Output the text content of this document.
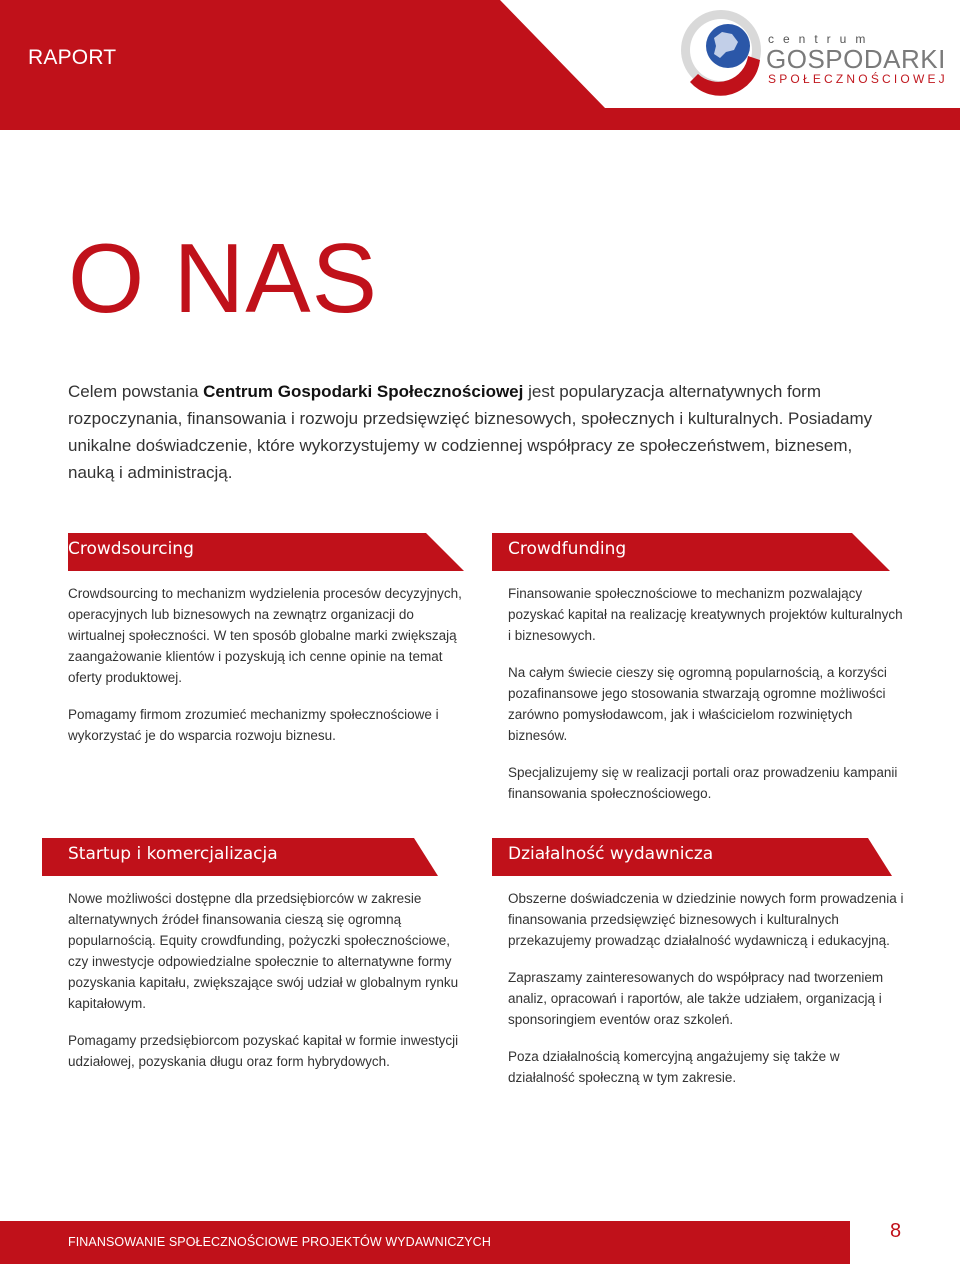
RAPORT
centrum
GOSPODARKI
SPOŁECZNOŚCIOWEJ
O NAS
Celem powstania Centrum Gospodarki Społecznościowej jest popularyzacja alternatywnych form rozpoczynania, finansowania i rozwoju przedsięwzięć biznesowych, społecznych i kulturalnych. Posiadamy unikalne doświadczenie, które wykorzystujemy w codziennej współpracy ze społeczeństwem, biznesem, nauką i administracją.
Crowdsourcing

Crowdsourcing to mechanizm wydzielenia procesów decyzyjnych, operacyjnych lub biznesowych na zewnątrz organizacji do wirtualnej społeczności. W ten sposób globalne marki zwiększają zaangażowanie klientów i pozyskują ich cenne opinie na temat oferty produktowej.

Pomagamy firmom zrozumieć mechanizmy społecznościowe i wykorzystać je do wsparcia rozwoju biznesu.

Crowdfunding

Finansowanie społecznościowe to mechanizm pozwalający pozyskać kapitał na realizację kreatywnych projektów kulturalnych i biznesowych.

Na całym świecie cieszy się ogromną popularnością, a korzyści pozafinansowe jego stosowania stwarzają ogromne możliwości zarówno pomysłodawcom, jak i właścicielom rozwiniętych biznesów.

Specjalizujemy się w realizacji portali oraz prowadzeniu kampanii finansowania społecznościowego.

Startup i komercjalizacja

Nowe możliwości dostępne dla przedsiębiorców w zakresie alternatywnych źródeł finansowania cieszą się ogromną popularnością. Equity crowdfunding, pożyczki społecznościowe, czy inwestycje odpowiedzialne społecznie to alternatywne formy pozyskania kapitału, zwiększające swój udział w globalnym rynku kapitałowym.

Pomagamy przedsiębiorcom pozyskać kapitał w formie inwestycji udziałowej, pozyskania długu oraz form hybrydowych.

Działalność wydawnicza

Obszerne doświadczenia w dziedzinie nowych form prowadzenia i finansowania przedsięwzięć biznesowych i kulturalnych przekazujemy prowadząc działalność wydawniczą i edukacyjną.

Zapraszamy zainteresowanych do współpracy nad tworzeniem analiz, opracowań i raportów, ale także udziałem, organizacją i sponsoringiem eventów oraz szkoleń.

Poza działalnością komercyjną angażujemy się także w działalność społeczną w tym zakresie.

FINANSOWANIE SPOŁECZNOŚCIOWE PROJEKTÓW WYDAWNICZYCH	8
